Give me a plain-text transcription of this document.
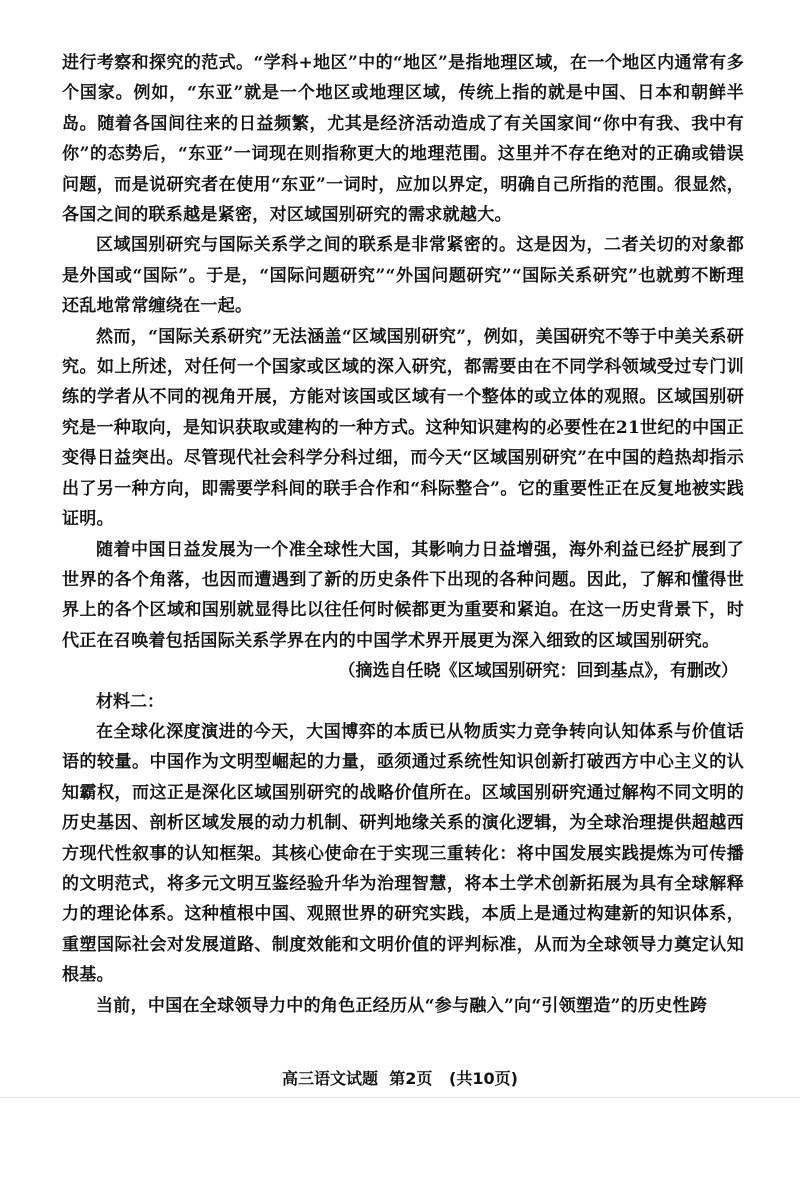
进行考察和探究的范式。“学科+地区”中的“地区”是指地理区域，在一个地区内通常有多个国家。例如，“东亚”就是一个地区或地理区域，传统上指的就是中国、日本和朝鲜半岛。随着各国间往来的日益频繁，尤其是经济活动造成了有关国家间“你中有我、我中有你”的态势后，“东亚”一词现在则指称更大的地理范围。这里并不存在绝对的正确或错误问题，而是说研究者在使用“东亚”一词时，应加以界定，明确自己所指的范围。很显然，各国之间的联系越是紧密，对区域国别研究的需求就越大。

区域国别研究与国际关系学之间的联系是非常紧密的。这是因为，二者关切的对象都是外国或“国际”。于是，“国际问题研究”“外国问题研究”“国际关系研究”也就剪不断理还乱地常常缠绕在一起。

然而，“国际关系研究”无法涵盖“区域国别研究”，例如，美国研究不等于中美关系研究。如上所述，对任何一个国家或区域的深入研究，都需要由在不同学科领域受过专门训练的学者从不同的视角开展，方能对该国或区域有一个整体的或立体的观照。区域国别研究是一种取向，是知识获取或建构的一种方式。这种知识建构的必要性在21世纪的中国正变得日益突出。尽管现代社会科学分科过细，而今天“区域国别研究”在中国的趋热却指示出了另一种方向，即需要学科间的联手合作和“科际整合”。它的重要性正在反复地被实践证明。

随着中国日益发展为一个准全球性大国，其影响力日益增强，海外利益已经扩展到了世界的各个角落，也因而遭遇到了新的历史条件下出现的各种问题。因此，了解和懂得世界上的各个区域和国别就显得比以往任何时候都更为重要和紧迫。在这一历史背景下，时代正在召唤着包括国际关系学界在内的中国学术界开展更为深入细致的区域国别研究。

（摘选自任晓《区域国别研究：回到基点》，有删改）

材料二：

在全球化深度演进的今天，大国博弈的本质已从物质实力竞争转向认知体系与价值话语的较量。中国作为文明型崛起的力量，亟须通过系统性知识创新打破西方中心主义的认知霸权，而这正是深化区域国别研究的战略价值所在。区域国别研究通过解构不同文明的历史基因、剖析区域发展的动力机制、研判地缘关系的演化逻辑，为全球治理提供超越西方现代性叙事的认知框架。其核心使命在于实现三重转化：将中国发展实践提炼为可传播的文明范式，将多元文明互鉴经验升华为治理智慧，将本土学术创新拓展为具有全球解释力的理论体系。这种植根中国、观照世界的研究实践，本质上是通过构建新的知识体系，重塑国际社会对发展道路、制度效能和文明价值的评判标准，从而为全球领导力奠定认知根基。

当前，中国在全球领导力中的角色正经历从“参与融入”向“引领塑造”的历史性跨

高三语文试题  第2页   (共10页)
